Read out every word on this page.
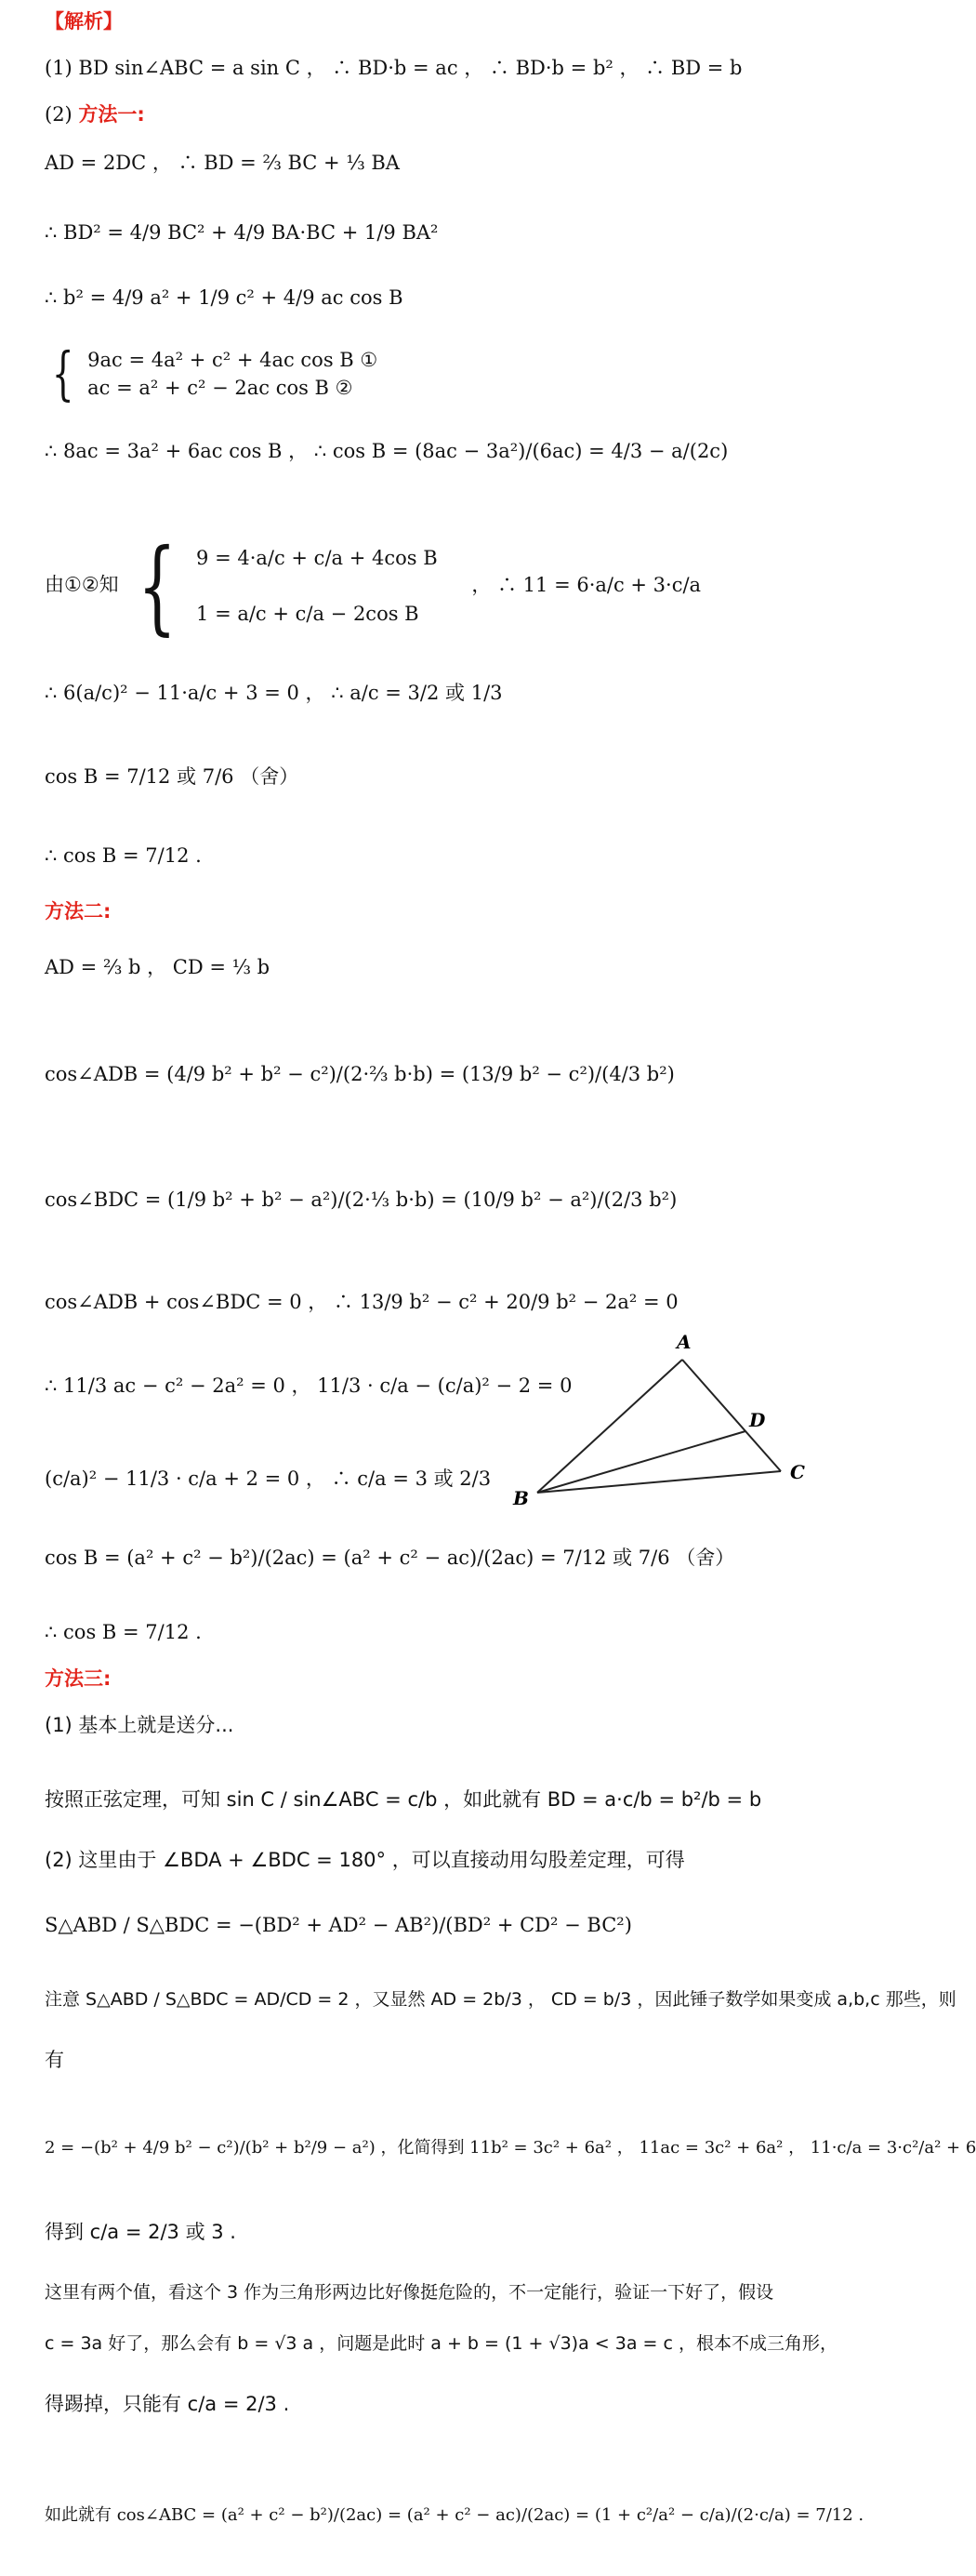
【解析】
(1) BD sin∠ABC = a sin C ， ∴ BD·b = ac ， ∴ BD·b = b² ， ∴ BD = b
(2) 方法一:
AD = 2DC ， ∴ BD = ⅔ BC + ⅓ BA
∴ BD² = 4/9 BC² + 4/9 BA·BC + 1/9 BA²
∴ b² = 4/9 a² + 1/9 c² + 4/9 ac cos B
{ 9ac = 4a² + c² + 4ac cos B ①
ac = a² + c² − 2ac cos B ②
∴ 8ac = 3a² + 6ac cos B ， ∴ cos B = (8ac − 3a²)/(6ac) = 4/3 − a/(2c)
由①②知 { 9 = 4·a/c + c/a + 4cos B
1 = a/c + c/a − 2cos B
， ∴ 11 = 6·a/c + 3·c/a
∴ 6(a/c)² − 11·a/c + 3 = 0 ， ∴ a/c = 3/2 或 1/3
cos B = 7/12 或 7/6 （舍）
∴ cos B = 7/12 .
方法二:
AD = ⅔ b ， CD = ⅓ b
cos∠ADB = (4/9 b² + b² − c²)/(2·⅔ b·b) = (13/9 b² − c²)/(4/3 b²)
cos∠BDC = (1/9 b² + b² − a²)/(2·⅓ b·b) = (10/9 b² − a²)/(2/3 b²)
cos∠ADB + cos∠BDC = 0 ， ∴ 13/9 b² − c² + 20/9 b² − 2a² = 0
∴ 11/3 ac − c² − 2a² = 0 ， 11/3 · c/a − (c/a)² − 2 = 0
(c/a)² − 11/3 · c/a + 2 = 0 ， ∴ c/a = 3 或 2/3
cos B = (a² + c² − b²)/(2ac) = (a² + c² − ac)/(2ac) = 7/12 或 7/6 （舍）
∴ cos B = 7/12 .
A
B
C
D
方法三:
(1) 基本上就是送分...
按照正弦定理，可知 sin C / sin∠ABC = c/b ，如此就有 BD = a·c/b = b²/b = b
(2) 这里由于 ∠BDA + ∠BDC = 180° ，可以直接动用勾股差定理，可得
S△ABD / S△BDC = −(BD² + AD² − AB²)/(BD² + CD² − BC²)
注意 S△ABD / S△BDC = AD/CD = 2 ，又显然 AD = 2b/3 ， CD = b/3 ，因此锤子数学如果变成 a,b,c 那些，则
有
2 = −(b² + 4/9 b² − c²)/(b² + b²/9 − a²) ，化简得到 11b² = 3c² + 6a² ， 11ac = 3c² + 6a² ， 11·c/a = 3·c²/a² + 6
得到 c/a = 2/3 或 3 .
这里有两个值，看这个 3 作为三角形两边比好像挺危险的，不一定能行，验证一下好了，假设
c = 3a 好了，那么会有 b = √3 a ，问题是此时 a + b = (1 + √3)a < 3a = c ，根本不成三角形，
得踢掉，只能有 c/a = 2/3 .
如此就有 cos∠ABC = (a² + c² − b²)/(2ac) = (a² + c² − ac)/(2ac) = (1 + c²/a² − c/a)/(2·c/a) = 7/12 .
